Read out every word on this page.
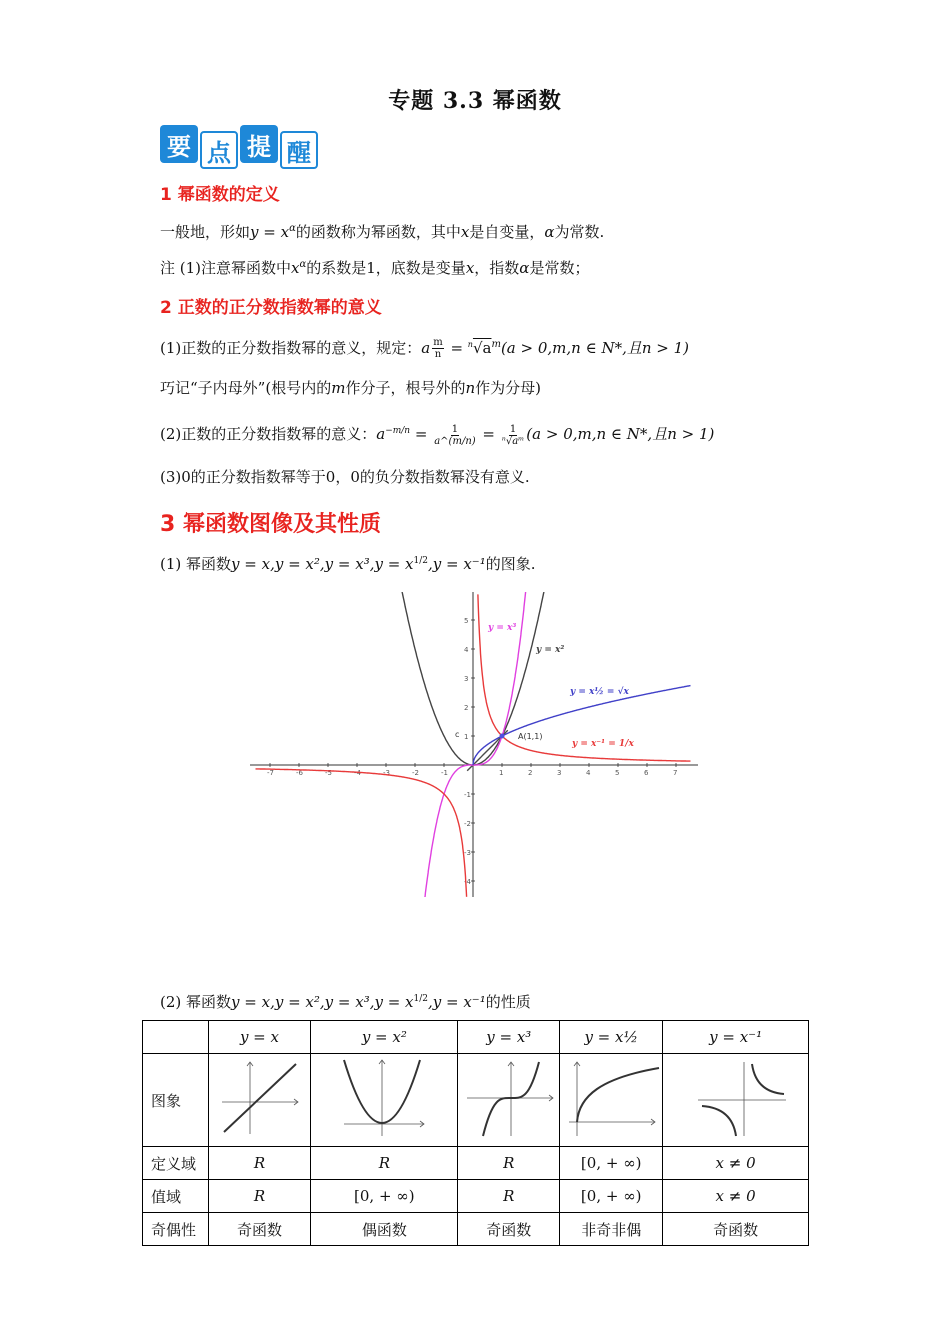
专题 3.3 幂函数
要 点 提 醒
1 幂函数的定义
一般地，形如$y = x^\alpha$的函数称为幂函数，其中x是自变量，α为常数.
注 (1)注意幂函数中$x^\alpha$的系数是1，底数是变量x，指数α是常数；
2 正数的正分数指数幂的意义
(1)正数的正分数指数幂的意义，规定：a $\frac{m}{n} = ^n√a^m(a > 0,m,n$ ∈ N*,且n > 1)
巧记“子内母外”(根号内的m作分子，根号外的n作为分母)
(2)正数的正分数指数幂的意义：$a^{-m/n} = \frac{1}{a\^{}(m/n)} = \frac{1}{\text{ⁿ√aᵐ}} (a > 0,m,n$ ∈ N*,且n > 1)
(3)0的正分数指数幂等于0，0的负分数指数幂没有意义.
3 幂函数图像及其性质
(1) 幂函数$y = x,y = x^2,y = x^3,y = x^{1/2},y = x^{-1}$的图象.
-7	-6	-5	-4	-3	-2	-1	1	2	3	4	5	6	7
5
4
3
2
1
-1
-2
-3
-4
y = x³
y = x²
y = x½ = √x
y = x⁻¹ = 1/x
A(1,1)
c
(2) 幂函数$y = x,y = x^2,y = x^3,y = x^{1/2},y = x^{-1}$的性质
	y = x	y = x²	y = x³	y = x½	y = x⁻¹
图象					
定义域	R	R	R	[0, + ∞)	x ≠ 0
值域	R	[0, + ∞)	R	[0, + ∞)	x ≠ 0
奇偶性	奇函数	偶函数	奇函数	非奇非偶	奇函数
